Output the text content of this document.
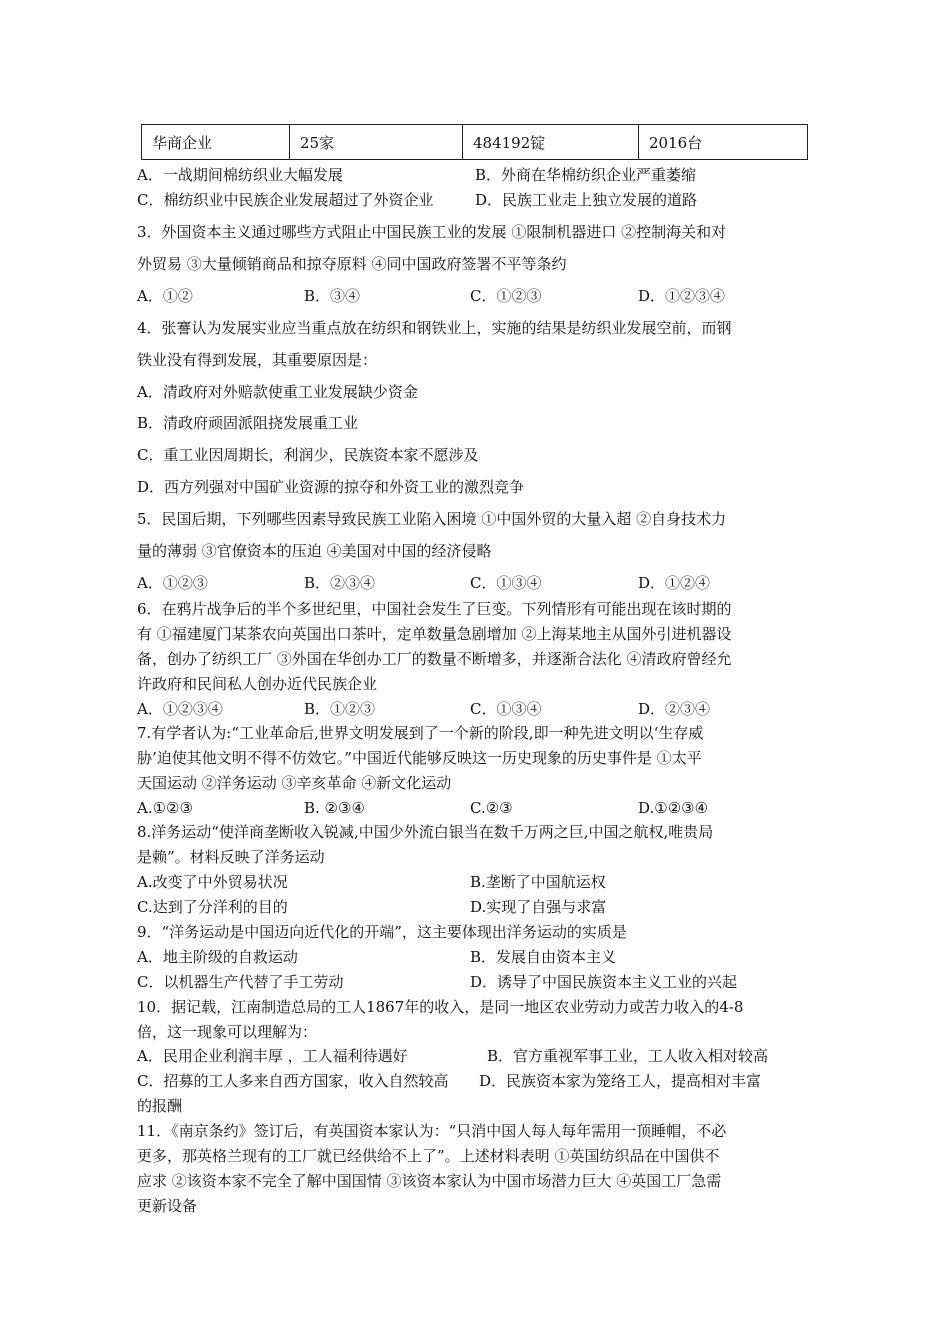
华商企业	25家	484192锭	2016台
A．一战期间棉纺织业大幅发展	B．外商在华棉纺织企业严重萎缩
C．棉纺织业中民族企业发展超过了外资企业	D．民族工业走上独立发展的道路
3．外国资本主义通过哪些方式阻止中国民族工业的发展 ①限制机器进口 ②控制海关和对
外贸易 ③大量倾销商品和掠夺原料 ④同中国政府签署不平等条约
A．①②	B．③④	C．①②③	D．①②③④
4．张謇认为发展实业应当重点放在纺织和钢铁业上，实施的结果是纺织业发展空前，而钢
铁业没有得到发展，其重要原因是：
A．清政府对外赔款使重工业发展缺少资金
B．清政府顽固派阻挠发展重工业
C．重工业因周期长，利润少，民族资本家不愿涉及
D．西方列强对中国矿业资源的掠夺和外资工业的激烈竞争
5．民国后期，下列哪些因素导致民族工业陷入困境 ①中国外贸的大量入超 ②自身技术力
量的薄弱 ③官僚资本的压迫 ④美国对中国的经济侵略
A．①②③	B．②③④	C．①③④	D．①②④
6．在鸦片战争后的半个多世纪里，中国社会发生了巨变。下列情形有可能出现在该时期的
有 ①福建厦门某茶农向英国出口茶叶，定单数量急剧增加 ②上海某地主从国外引进机器设
备，创办了纺织工厂 ③外国在华创办工厂的数量不断增多，并逐渐合法化 ④清政府曾经允
许政府和民间私人创办近代民族企业
A．①②③④	B．①②③	C．①③④	D．②③④
7.有学者认为:“工业革命后,世界文明发展到了一个新的阶段,即一种先进文明以‘生存威
胁’迫使其他文明不得不仿效它。”中国近代能够反映这一历史现象的历史事件是 ①太平
天国运动 ②洋务运动 ③辛亥革命 ④新文化运动
A.①②③	B. ②③④	C.②③	D.①②③④
8.洋务运动“使洋商垄断收入锐减,中国少外流白银当在数千万两之巨,中国之航权,唯贵局
是赖”。材料反映了洋务运动
A.改变了中外贸易状况	B.垄断了中国航运权
C.达到了分洋利的目的	D.实现了自强与求富
9．“洋务运动是中国迈向近代化的开端”，这主要体现出洋务运动的实质是
A．地主阶级的自救运动	B．发展自由资本主义
C．以机器生产代替了手工劳动	D．诱导了中国民族资本主义工业的兴起
10．据记载，江南制造总局的工人1867年的收入，是同一地区农业劳动力或苦力收入的4-8
倍，这一现象可以理解为：
A．民用企业利润丰厚 ，工人福利待遇好	B．官方重视军事工业，工人收入相对较高
C．招募的工人多来自西方国家，收入自然较高 D．民族资本家为笼络工人，提高相对丰富
的报酬
11．《南京条约》签订后，有英国资本家认为：“只消中国人每人每年需用一顶睡帽，不必
更多，那英格兰现有的工厂就已经供给不上了”。上述材料表明 ①英国纺织品在中国供不
应求 ②该资本家不完全了解中国国情 ③该资本家认为中国市场潜力巨大 ④英国工厂急需
更新设备
